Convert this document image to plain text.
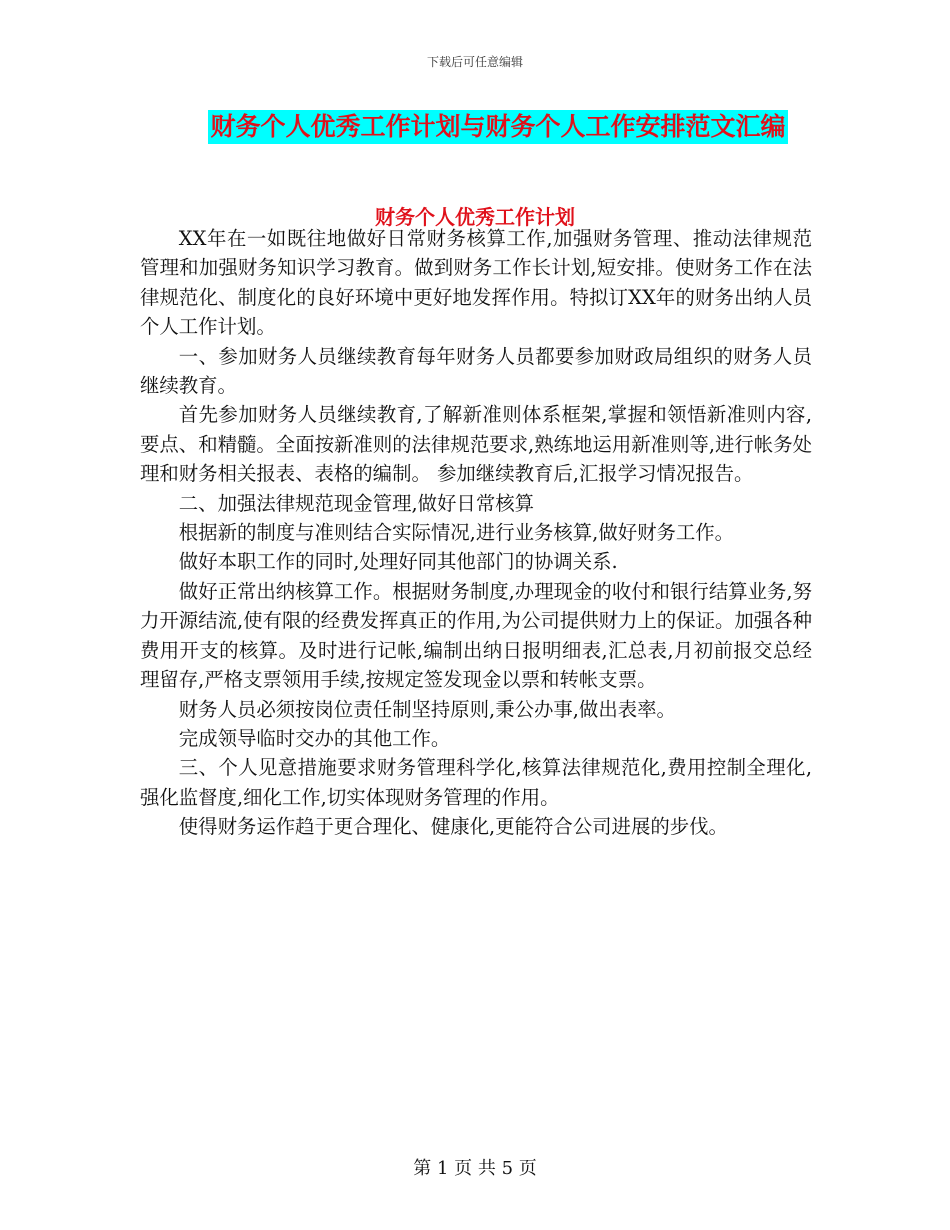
下载后可任意编辑
财务个人优秀工作计划与财务个人工作安排范文汇编
财务个人优秀工作计划

XX年在一如既往地做好日常财务核算工作,加强财务管理、推动法律规范管理和加强财务知识学习教育。做到财务工作长计划,短安排。使财务工作在法律规范化、制度化的良好环境中更好地发挥作用。特拟订XX年的财务出纳人员个人工作计划。

一、参加财务人员继续教育每年财务人员都要参加财政局组织的财务人员继续教育。

首先参加财务人员继续教育,了解新准则体系框架,掌握和领悟新准则内容,要点、和精髓。全面按新准则的法律规范要求,熟练地运用新准则等,进行帐务处理和财务相关报表、表格的编制。 参加继续教育后,汇报学习情况报告。

二、加强法律规范现金管理,做好日常核算

根据新的制度与准则结合实际情况,进行业务核算,做好财务工作。

做好本职工作的同时,处理好同其他部门的协调关系.

做好正常出纳核算工作。根据财务制度,办理现金的收付和银行结算业务,努力开源结流,使有限的经费发挥真正的作用,为公司提供财力上的保证。加强各种费用开支的核算。及时进行记帐,编制出纳日报明细表,汇总表,月初前报交总经理留存,严格支票领用手续,按规定签发现金以票和转帐支票。

财务人员必须按岗位责任制坚持原则,秉公办事,做出表率。

完成领导临时交办的其他工作。

三、个人见意措施要求财务管理科学化,核算法律规范化,费用控制全理化,强化监督度,细化工作,切实体现财务管理的作用。

使得财务运作趋于更合理化、健康化,更能符合公司进展的步伐。

第 1 页 共 5 页
